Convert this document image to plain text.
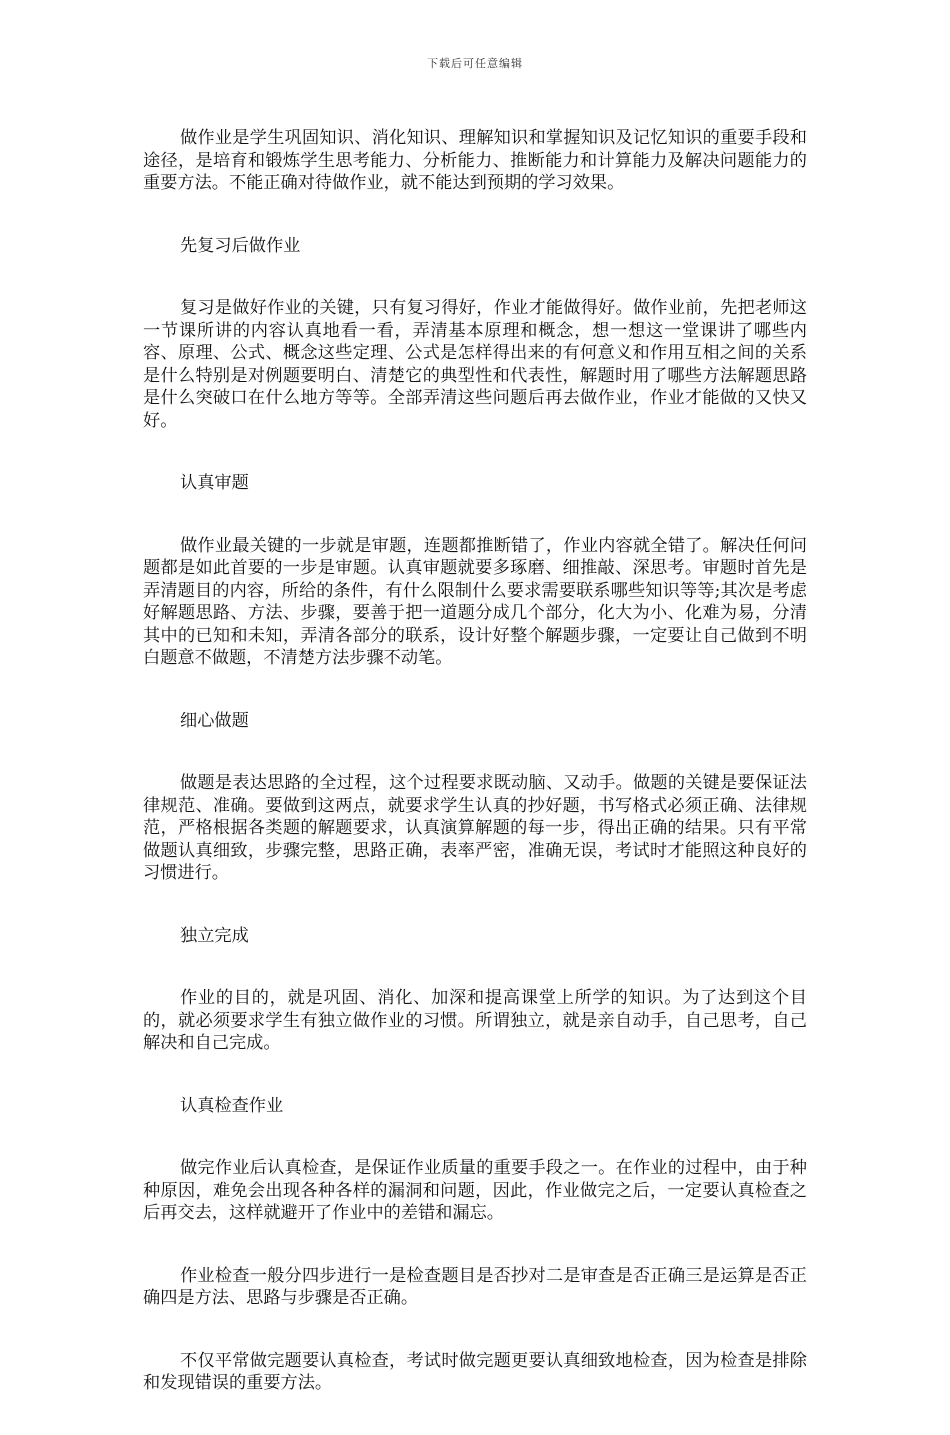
下载后可任意编辑

做作业是学生巩固知识、消化知识、理解知识和掌握知识及记忆知识的重要手段和途径，是培育和锻炼学生思考能力、分析能力、推断能力和计算能力及解决问题能力的重要方法。不能正确对待做作业，就不能达到预期的学习效果。

先复习后做作业

复习是做好作业的关键，只有复习得好，作业才能做得好。做作业前，先把老师这一节课所讲的内容认真地看一看，弄清基本原理和概念，想一想这一堂课讲了哪些内容、原理、公式、概念这些定理、公式是怎样得出来的有何意义和作用互相之间的关系是什么特别是对例题要明白、清楚它的典型性和代表性，解题时用了哪些方法解题思路是什么突破口在什么地方等等。全部弄清这些问题后再去做作业，作业才能做的又快又好。

认真审题

做作业最关键的一步就是审题，连题都推断错了，作业内容就全错了。解决任何问题都是如此首要的一步是审题。认真审题就要多琢磨、细推敲、深思考。审题时首先是弄清题目的内容，所给的条件，有什么限制什么要求需要联系哪些知识等等;其次是考虑好解题思路、方法、步骤，要善于把一道题分成几个部分，化大为小、化难为易，分清其中的已知和未知，弄清各部分的联系，设计好整个解题步骤，一定要让自己做到不明白题意不做题，不清楚方法步骤不动笔。

细心做题

做题是表达思路的全过程，这个过程要求既动脑、又动手。做题的关键是要保证法律规范、准确。要做到这两点，就要求学生认真的抄好题，书写格式必须正确、法律规范，严格根据各类题的解题要求，认真演算解题的每一步，得出正确的结果。只有平常做题认真细致，步骤完整，思路正确，表率严密，准确无误，考试时才能照这种良好的习惯进行。

独立完成

作业的目的，就是巩固、消化、加深和提高课堂上所学的知识。为了达到这个目的，就必须要求学生有独立做作业的习惯。所谓独立，就是亲自动手，自己思考，自己解决和自己完成。

认真检查作业

做完作业后认真检查，是保证作业质量的重要手段之一。在作业的过程中，由于种种原因，难免会出现各种各样的漏洞和问题，因此，作业做完之后，一定要认真检查之后再交去，这样就避开了作业中的差错和漏忘。

作业检查一般分四步进行一是检查题目是否抄对二是审查是否正确三是运算是否正确四是方法、思路与步骤是否正确。

不仅平常做完题要认真检查，考试时做完题更要认真细致地检查，因为检查是排除和发现错误的重要方法。
